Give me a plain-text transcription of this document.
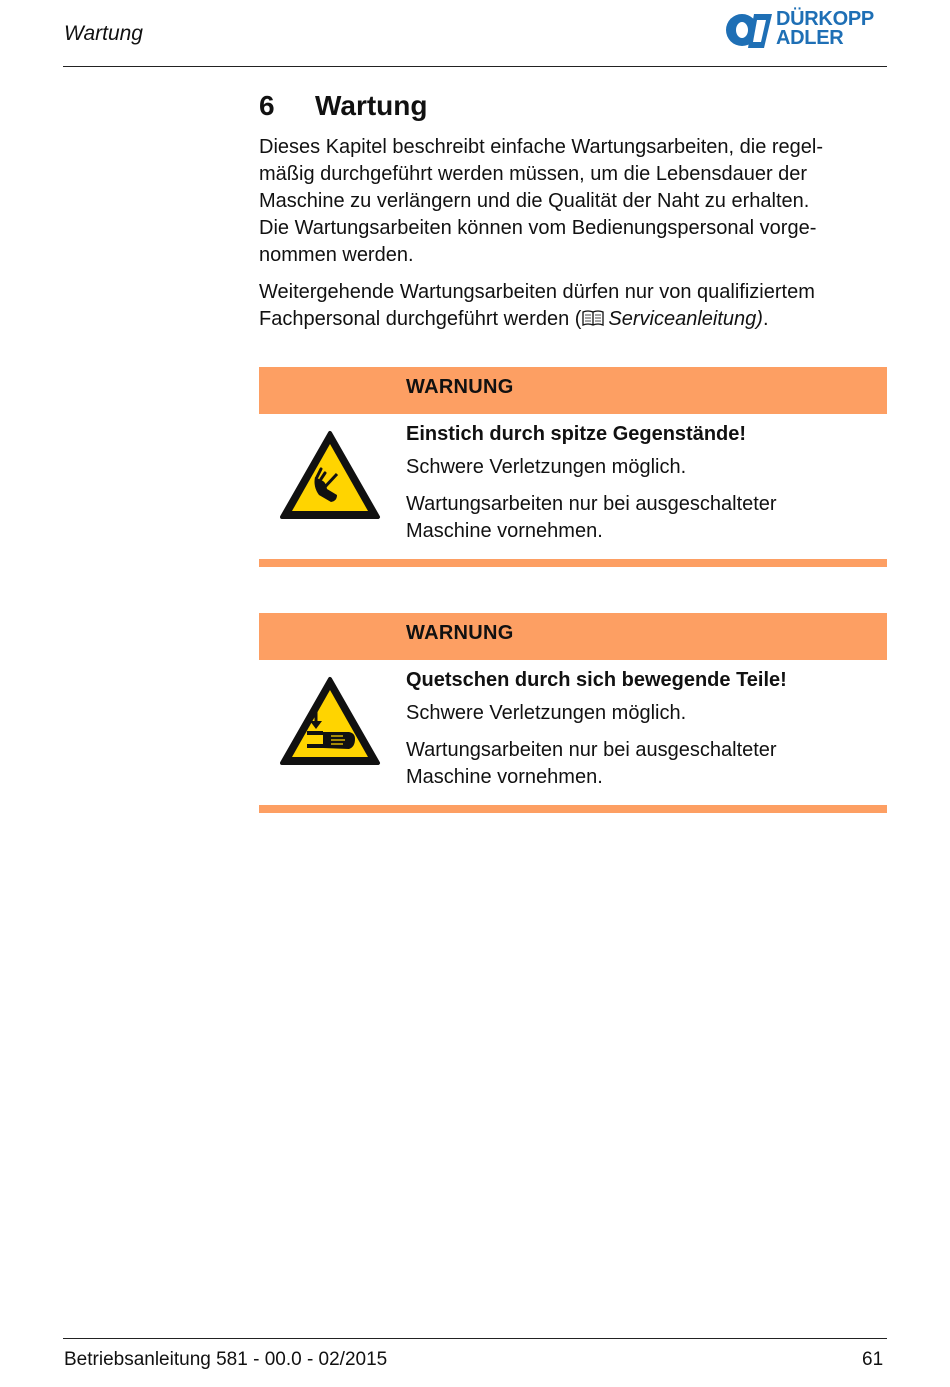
Wartung
DÜRKOPP
ADLER
6 Wartung
Dieses Kapitel beschreibt einfache Wartungsarbeiten, die regel-
mäßig durchgeführt werden müssen, um die Lebensdauer der
Maschine zu verlängern und die Qualität der Naht zu erhalten.
Die Wartungsarbeiten können vom Bedienungspersonal vorge-
nommen werden.
Weitergehende Wartungsarbeiten dürfen nur von qualifiziertem
Fachpersonal durchgeführt werden ( Serviceanleitung).
WARNUNG
Einstich durch spitze Gegenstände!
Schwere Verletzungen möglich.
Wartungsarbeiten nur bei ausgeschalteter
Maschine vornehmen.
WARNUNG
Quetschen durch sich bewegende Teile!
Schwere Verletzungen möglich.
Wartungsarbeiten nur bei ausgeschalteter
Maschine vornehmen.
Betriebsanleitung 581 - 00.0 - 02/2015	61
